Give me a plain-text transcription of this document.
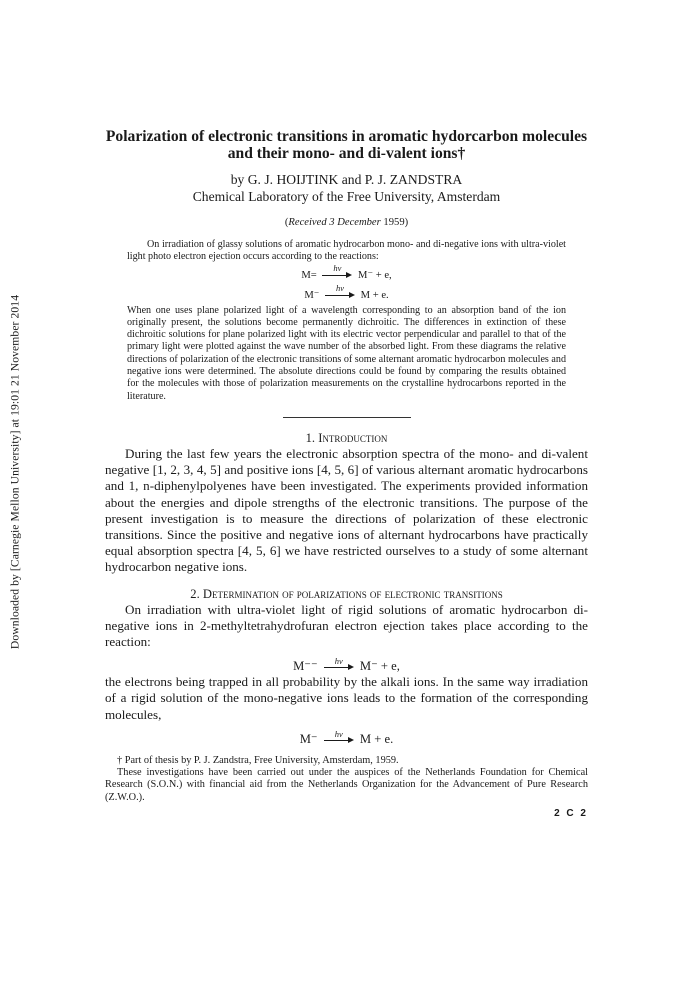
Downloaded by [Carnegie Mellon University] at 19:01 21 November 2014
Polarization of electronic transitions in aromatic hydorcarbon molecules and their mono- and di-valent ions†
by G. J. HOIJTINK and P. J. ZANDSTRA
Chemical Laboratory of the Free University, Amsterdam
(Received 3 December 1959)

On irradiation of glassy solutions of aromatic hydrocarbon mono- and di-negative ions with ultra-violet light photo electron ejection occurs according to the reactions:

M=
hν
M⁻ + e,
M⁻
hν
M + e.

When one uses plane polarized light of a wavelength corresponding to an absorption band of the ion originally present, the solutions become permanently dichroitic. The differences in extinction of these dichroitic solutions for plane polarized light with its electric vector perpendicular and parallel to that of the primary light were plotted against the wave number of the absorbed light. From these diagrams the relative directions of polarization of the electronic transitions of some alternant aromatic hydrocarbon molecules and negative ions were determined. The absolute directions could be found by comparing the results obtained for the molecules with those of polarization measurements on the crystalline hydrocarbons reported in the literature.

1. Introduction

During the last few years the electronic absorption spectra of the mono- and di-valent negative [1, 2, 3, 4, 5] and positive ions [4, 5, 6] of various alternant aromatic hydrocarbons and 1, n-diphenylpolyenes have been investigated. The experiments provided information about the energies and dipole strengths of the electronic transitions. The purpose of the present investigation is to measure the directions of polarization of these electronic transitions. Since the positive and negative ions of alternant hydrocarbons have practically equal absorption spectra [4, 5, 6] we have restricted ourselves to a study of some alternant hydrocarbon negative ions.

2. Determination of polarizations of electronic transitions

On irradiation with ultra-violet light of rigid solutions of aromatic hydrocarbon di-negative ions in 2-methyltetrahydrofuran electron ejection takes place according to the reaction:

M⁻⁻ hν M⁻ + e,

the electrons being trapped in all probability by the alkali ions. In the same way irradiation of a rigid solution of the mono-negative ions leads to the formation of the corresponding molecules,

M⁻ hν M + e.

† Part of thesis by P. J. Zandstra, Free University, Amsterdam, 1959.

These investigations have been carried out under the auspices of the Netherlands Foundation for Chemical Research (S.O.N.) with financial aid from the Netherlands Organization for the Advancement of Pure Research (Z.W.O.).

2 C 2
